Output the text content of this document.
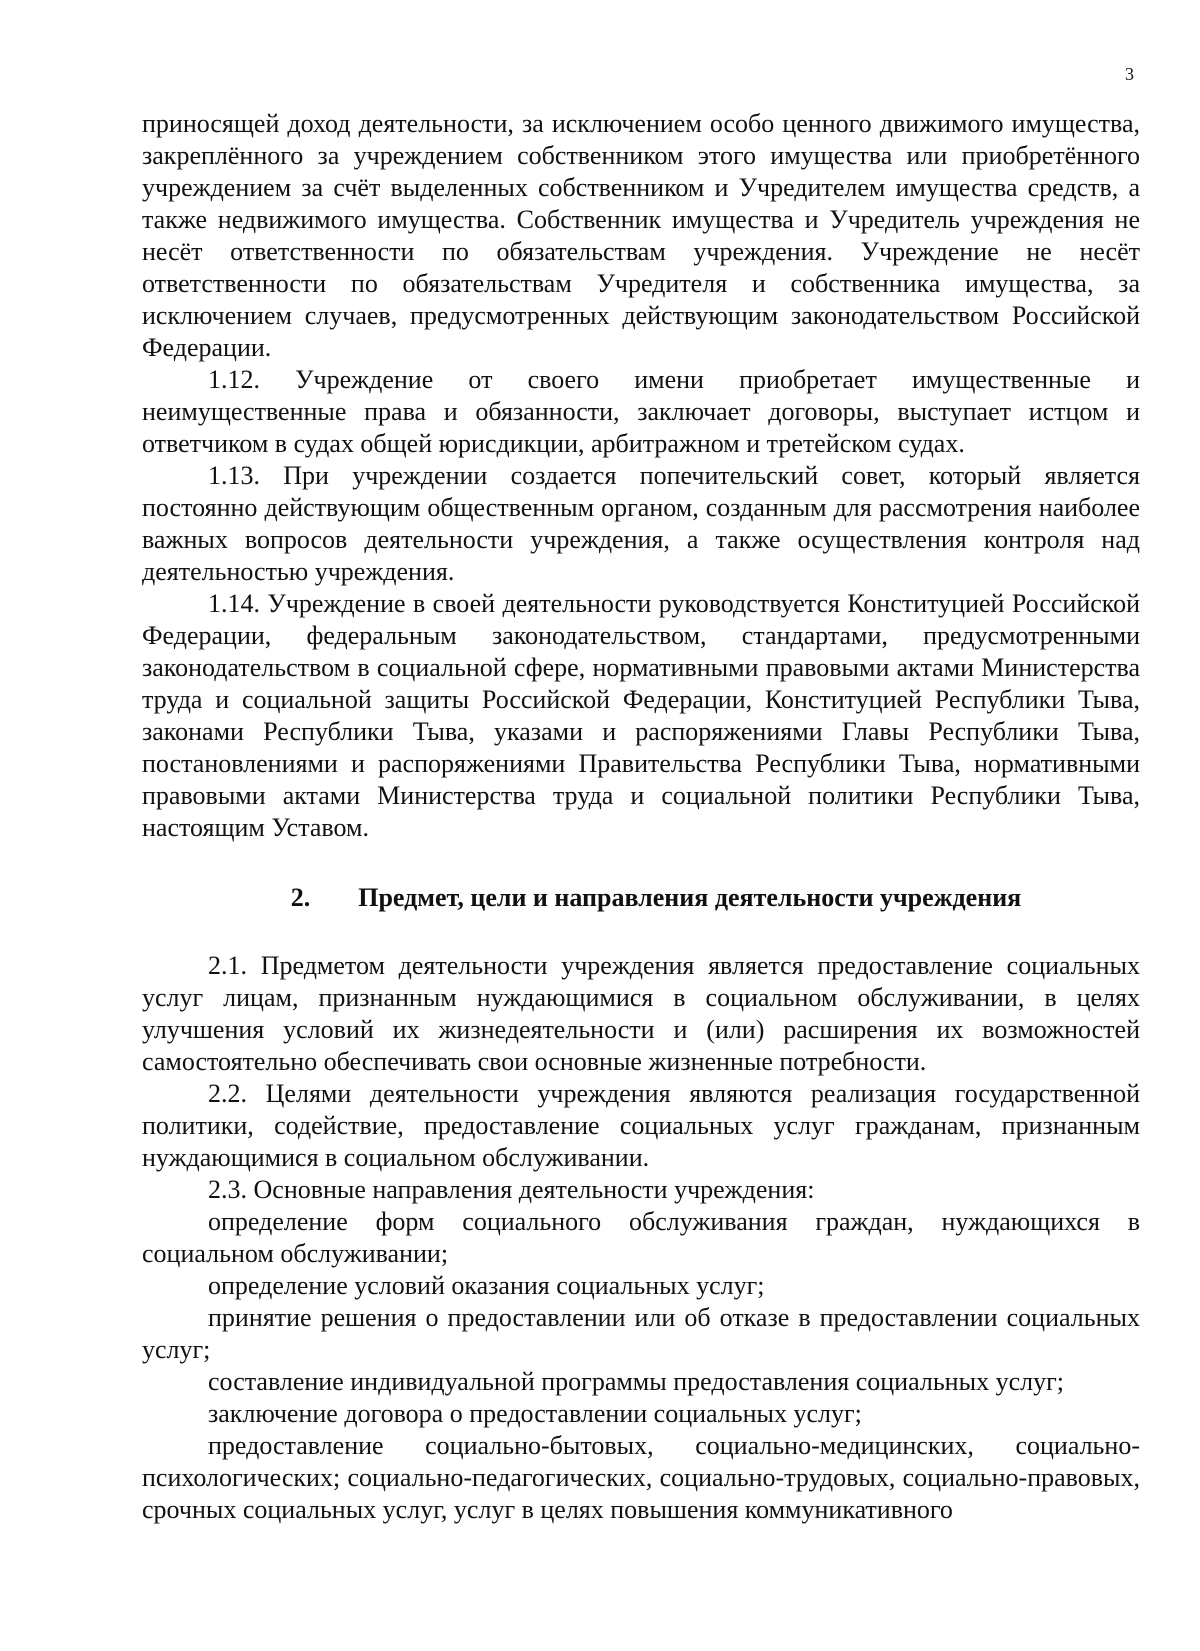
3

приносящей доход деятельности, за исключением особо ценного движимого имущества, закреплённого за учреждением собственником этого имущества или приобретённого учреждением за счёт выделенных собственником и Учредителем имущества средств, а также недвижимого имущества. Собственник имущества и Учредитель учреждения не несёт ответственности по обязательствам учреждения. Учреждение не несёт ответственности по обязательствам Учредителя и собственника имущества, за исключением случаев, предусмотренных действующим законодательством Российской Федерации.

1.12. Учреждение от своего имени приобретает имущественные и неимущественные права и обязанности, заключает договоры, выступает истцом и ответчиком в судах общей юрисдикции, арбитражном и третейском судах.

1.13. При учреждении создается попечительский совет, который является постоянно действующим общественным органом, созданным для рассмотрения наиболее важных вопросов деятельности учреждения, а также осуществления контроля над деятельностью учреждения.

1.14. Учреждение в своей деятельности руководствуется Конституцией Российской Федерации, федеральным законодательством, стандартами, предусмотренными законодательством в социальной сфере, нормативными правовыми актами Министерства труда и социальной защиты Российской Федерации, Конституцией Республики Тыва, законами Республики Тыва, указами и распоряжениями Главы Республики Тыва, постановлениями и распоряжениями Правительства Республики Тыва, нормативными правовыми актами Министерства труда и социальной политики Республики Тыва, настоящим Уставом.

2. Предмет, цели и направления деятельности учреждения

2.1. Предметом деятельности учреждения является предоставление социальных услуг лицам, признанным нуждающимися в социальном обслуживании, в целях улучшения условий их жизнедеятельности и (или) расширения их возможностей самостоятельно обеспечивать свои основные жизненные потребности.

2.2. Целями деятельности учреждения являются реализация государственной политики, содействие, предоставление социальных услуг гражданам, признанным нуждающимися в социальном обслуживании.

2.3. Основные направления деятельности учреждения:

определение форм социального обслуживания граждан, нуждающихся в социальном обслуживании;

определение условий оказания социальных услуг;

принятие решения о предоставлении или об отказе в предоставлении социальных услуг;

составление индивидуальной программы предоставления социальных услуг;

заключение договора о предоставлении социальных услуг;

предоставление социально-бытовых, социально-медицинских, социально-психологических; социально-педагогических, социально-трудовых, социально-правовых, срочных социальных услуг, услуг в целях повышения коммуникативного
